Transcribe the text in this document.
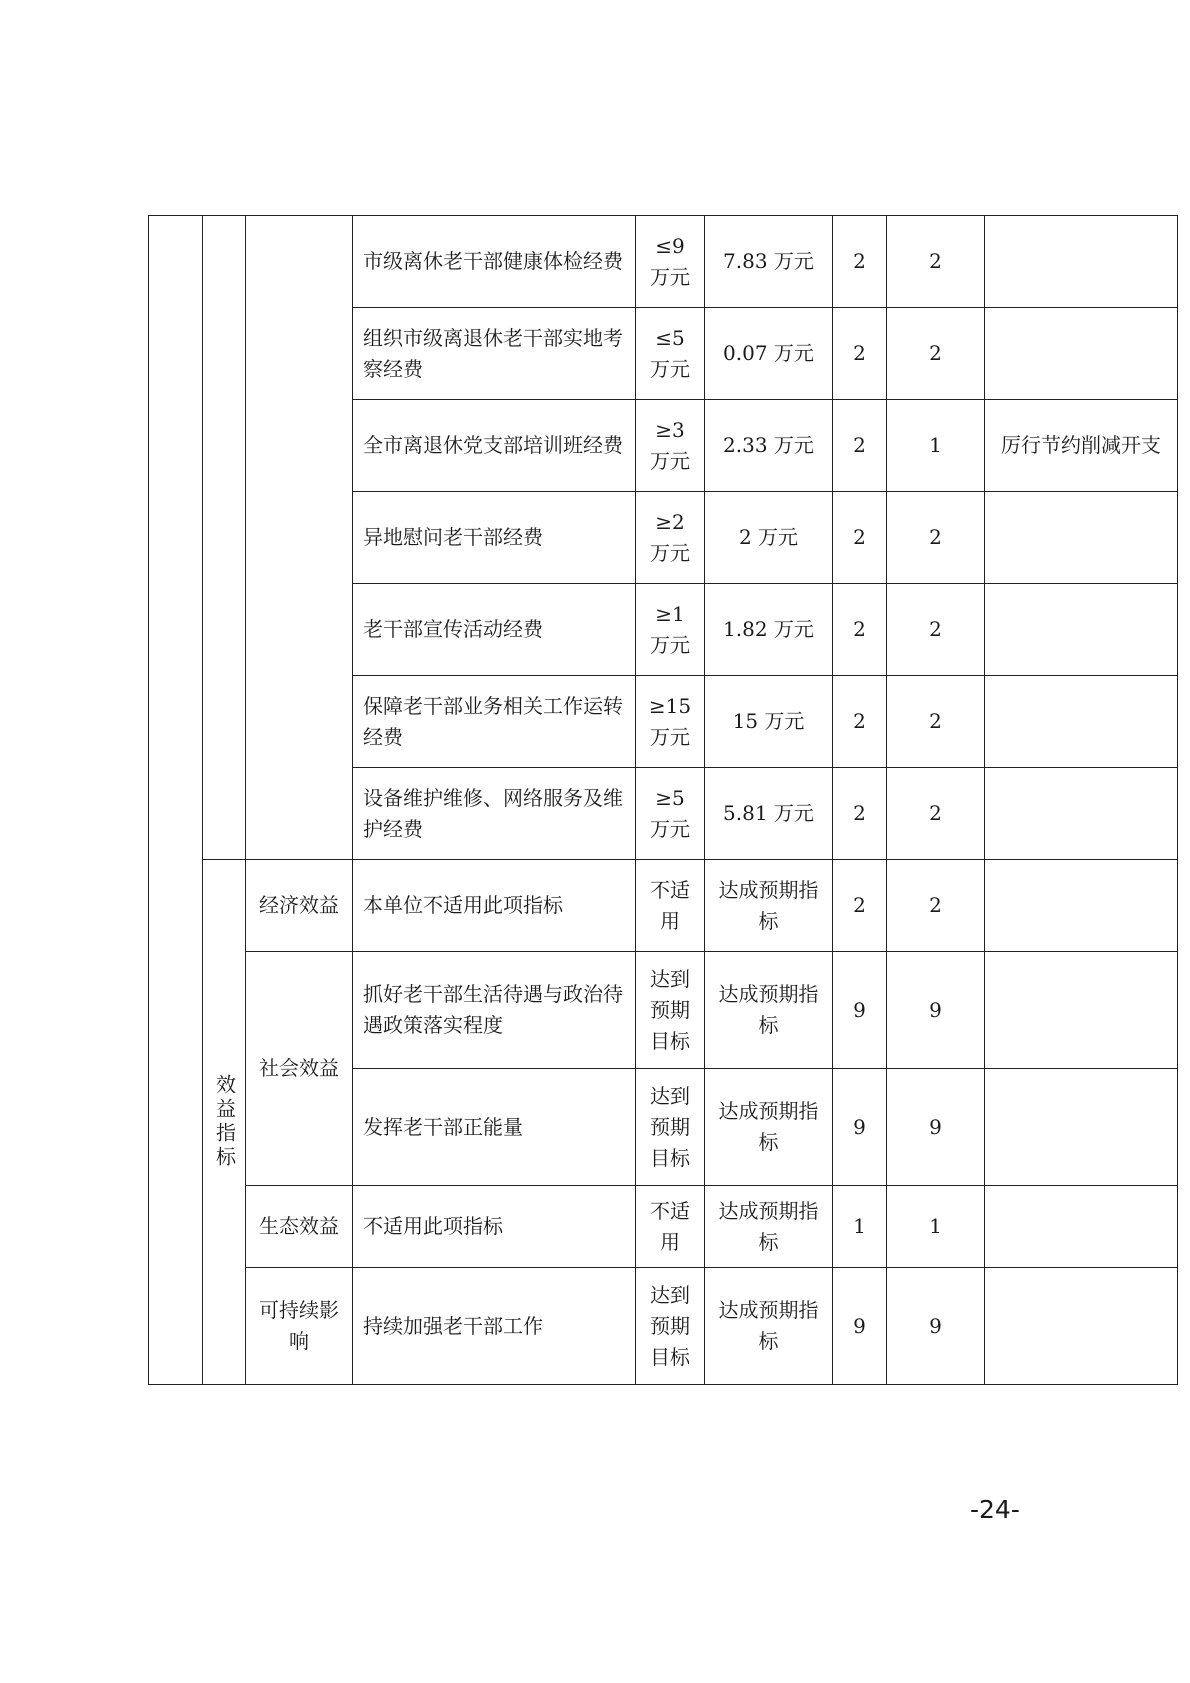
			市级离休老干部健康体检经费	≤9万元	7.83 万元	2	2	
			组织市级离退休老干部实地考察经费	≤5万元	0.07 万元	2	2	
			全市离退休党支部培训班经费	≥3万元	2.33 万元	2	1	厉行节约削减开支
			异地慰问老干部经费	≥2万元	2 万元	2	2	
			老干部宣传活动经费	≥1万元	1.82 万元	2	2	
			保障老干部业务相关工作运转经费	≥15万元	15 万元	2	2	
			设备维护维修、网络服务及维护经费	≥5万元	5.81 万元	2	2	
	效益指标	经济效益	本单位不适用此项指标	不适用	达成预期指标	2	2	
		社会效益	抓好老干部生活待遇与政治待遇政策落实程度	达到预期目标	达成预期指标	9	9	
			发挥老干部正能量	达到预期目标	达成预期指标	9	9	
		生态效益	不适用此项指标	不适用	达成预期指标	1	1	
		可持续影响	持续加强老干部工作	达到预期目标	达成预期指标	9	9	
-24-
